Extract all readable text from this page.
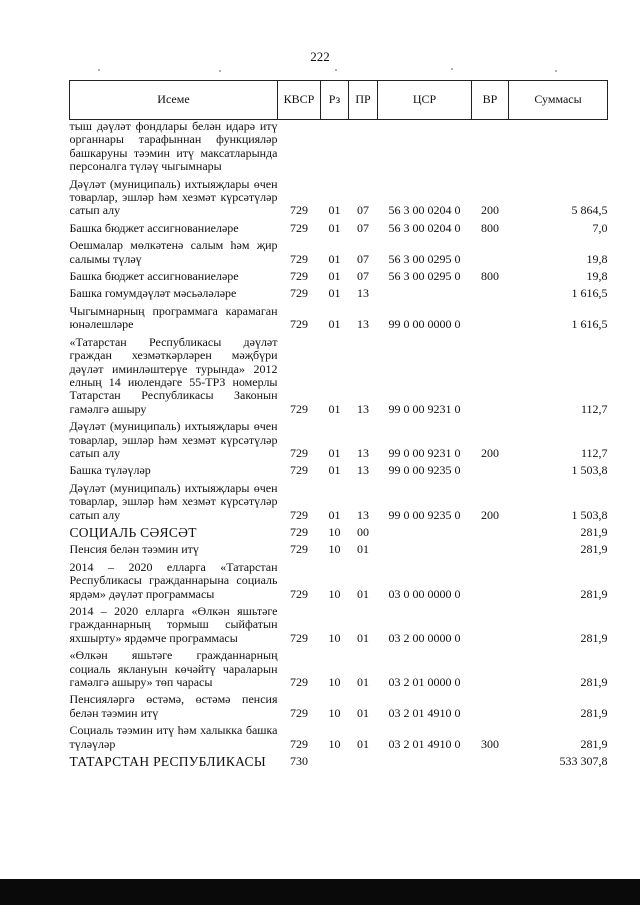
222
Исеме	КВСР	Рз	ПР	ЦСР	ВР	Суммасы
тыш дәүләт фондлары белән идарә итү органнары тарафыннан функцияләр башкаруны тәэмин итү максатларында персоналга түләү чыгымнары						
Дәүләт (муниципаль) ихтыяҗлары өчен товарлар, эшләр һәм хезмәт күрсәтүләр сатып алу	729	01	07	56 3 00 0204 0	200	5 864,5
Башка бюджет ассигнованиеләре	729	01	07	56 3 00 0204 0	800	7,0
Оешмалар мөлкәтенә салым һәм җир салымы түләү	729	01	07	56 3 00 0295 0		19,8
Башка бюджет ассигнованиеләре	729	01	07	56 3 00 0295 0	800	19,8
Башка гомумдәүләт мәсьәләләре	729	01	13			1 616,5
Чыгымнарның программага карамаган юнәлешләре	729	01	13	99 0 00 0000 0		1 616,5
«Татарстан Республикасы дәүләт граждан хезмәткәрләрен мәҗбүри дәүләт иминләштерүе турында» 2012 елның 14 июлендәге 55-ТРЗ номерлы Татарстан Республикасы Законын гамәлгә ашыру	729	01	13	99 0 00 9231 0		112,7
Дәүләт (муниципаль) ихтыяҗлары өчен товарлар, эшләр һәм хезмәт күрсәтүләр сатып алу	729	01	13	99 0 00 9231 0	200	112,7
Башка түләүләр	729	01	13	99 0 00 9235 0		1 503,8
Дәүләт (муниципаль) ихтыяҗлары өчен товарлар, эшләр һәм хезмәт күрсәтүләр сатып алу	729	01	13	99 0 00 9235 0	200	1 503,8
СОЦИАЛЬ СӘЯСӘТ	729	10	00			281,9
Пенсия белән тәэмин итү	729	10	01			281,9
2014 – 2020 елларга «Татарстан Республикасы гражданнарына социаль ярдәм» дәүләт программасы	729	10	01	03 0 00 0000 0		281,9
2014 – 2020 елларга «Өлкән яшьтәге гражданнарның тормыш сыйфатын яхшырту» ярдәмче программасы	729	10	01	03 2 00 0000 0		281,9
«Өлкән яшьтәге гражданнарның социаль яклануын көчәйтү чараларын гамәлгә ашыру» төп чарасы	729	10	01	03 2 01 0000 0		281,9
Пенсияләргә өстәмә, өстәмә пенсия белән тәэмин итү	729	10	01	03 2 01 4910 0		281,9
Социаль тәэмин итү һәм халыкка башка түләүләр	729	10	01	03 2 01 4910 0	300	281,9
ТАТАРСТАН РЕСПУБЛИКАСЫ	730					533 307,8
